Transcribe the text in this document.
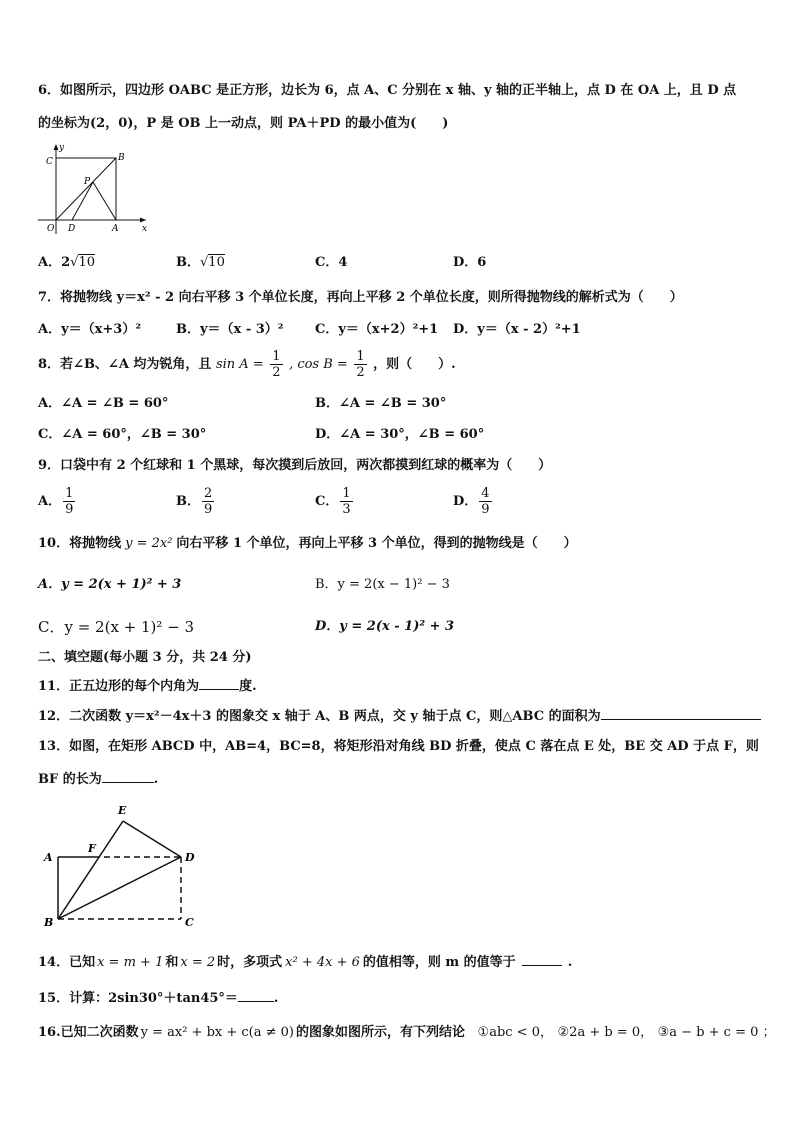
6．如图所示，四边形 OABC 是正方形，边长为 6，点 A、C 分别在 x 轴、y 轴的正半轴上，点 D 在 OA 上，且 D 点
的坐标为(2，0)，P 是 OB 上一动点，则 PA＋PD 的最小值为(　　)
y
C	B
P
O D	A	x
A．2√10	B．√10	C．4	D．6
7．将抛物线 y＝x² ‐ 2 向右平移 3 个单位长度，再向上平移 2 个单位长度，则所得抛物线的解析式为（　　）
A．y＝（x+3）²	B．y＝（x ‐ 3）² C．y＝（x+2）²+1 D．y＝（x ‐ 2）²+1
8．若∠B、∠A 均为锐角，且 $\sin A = \frac{1}{2}$ , $\cos B = \frac{1}{2}$ ，则（　　）.
A．∠A = ∠B = 60°	B．∠A = ∠B = 30°
C．∠A = 60°，∠B = 30°	D．∠A = 30°，∠B = 60°
9．口袋中有 2 个红球和 1 个黑球，每次摸到后放回，两次都摸到红球的概率为（　　）
A． $\frac{1}{9}$	B． $\frac{2}{9}$	C． $\frac{1}{3}$	D． $\frac{4}{9}$
10．将抛物线 y = 2x² 向右平移 1 个单位，再向上平移 3 个单位，得到的抛物线是（　　）
A．y = 2(x + 1)² + 3	B．y = 2(x − 1)² − 3
C．y = 2(x + 1)² − 3	D．y = 2(x ‐ 1)² + 3
二、填空题(每小题 3 分，共 24 分)
11．正五边形的每个内角为	度.
12．二次函数 y＝x²－4x＋3 的图象交 x 轴于 A、B 两点，交 y 轴于点 C，则△ABC 的面积为
13．如图，在矩形 ABCD 中，AB=4，BC=8，将矩形沿对角线 BD 折叠，使点 C 落在点 E 处，BE 交 AD 于点 F，则
BF 的长为	.
E
A
F
D
B	C
14．已知 x = m + 1 和 x = 2 时，多项式 x² + 4x + 6 的值相等，则 m 的值等于	.
15．计算：2sin30°＋tan45°＝	.
16.已知二次函数 y = ax² + bx + c(a ≠ 0) 的图象如图所示，有下列结论 ①abc < 0， ②2a + b = 0， ③a − b + c = 0 ；
